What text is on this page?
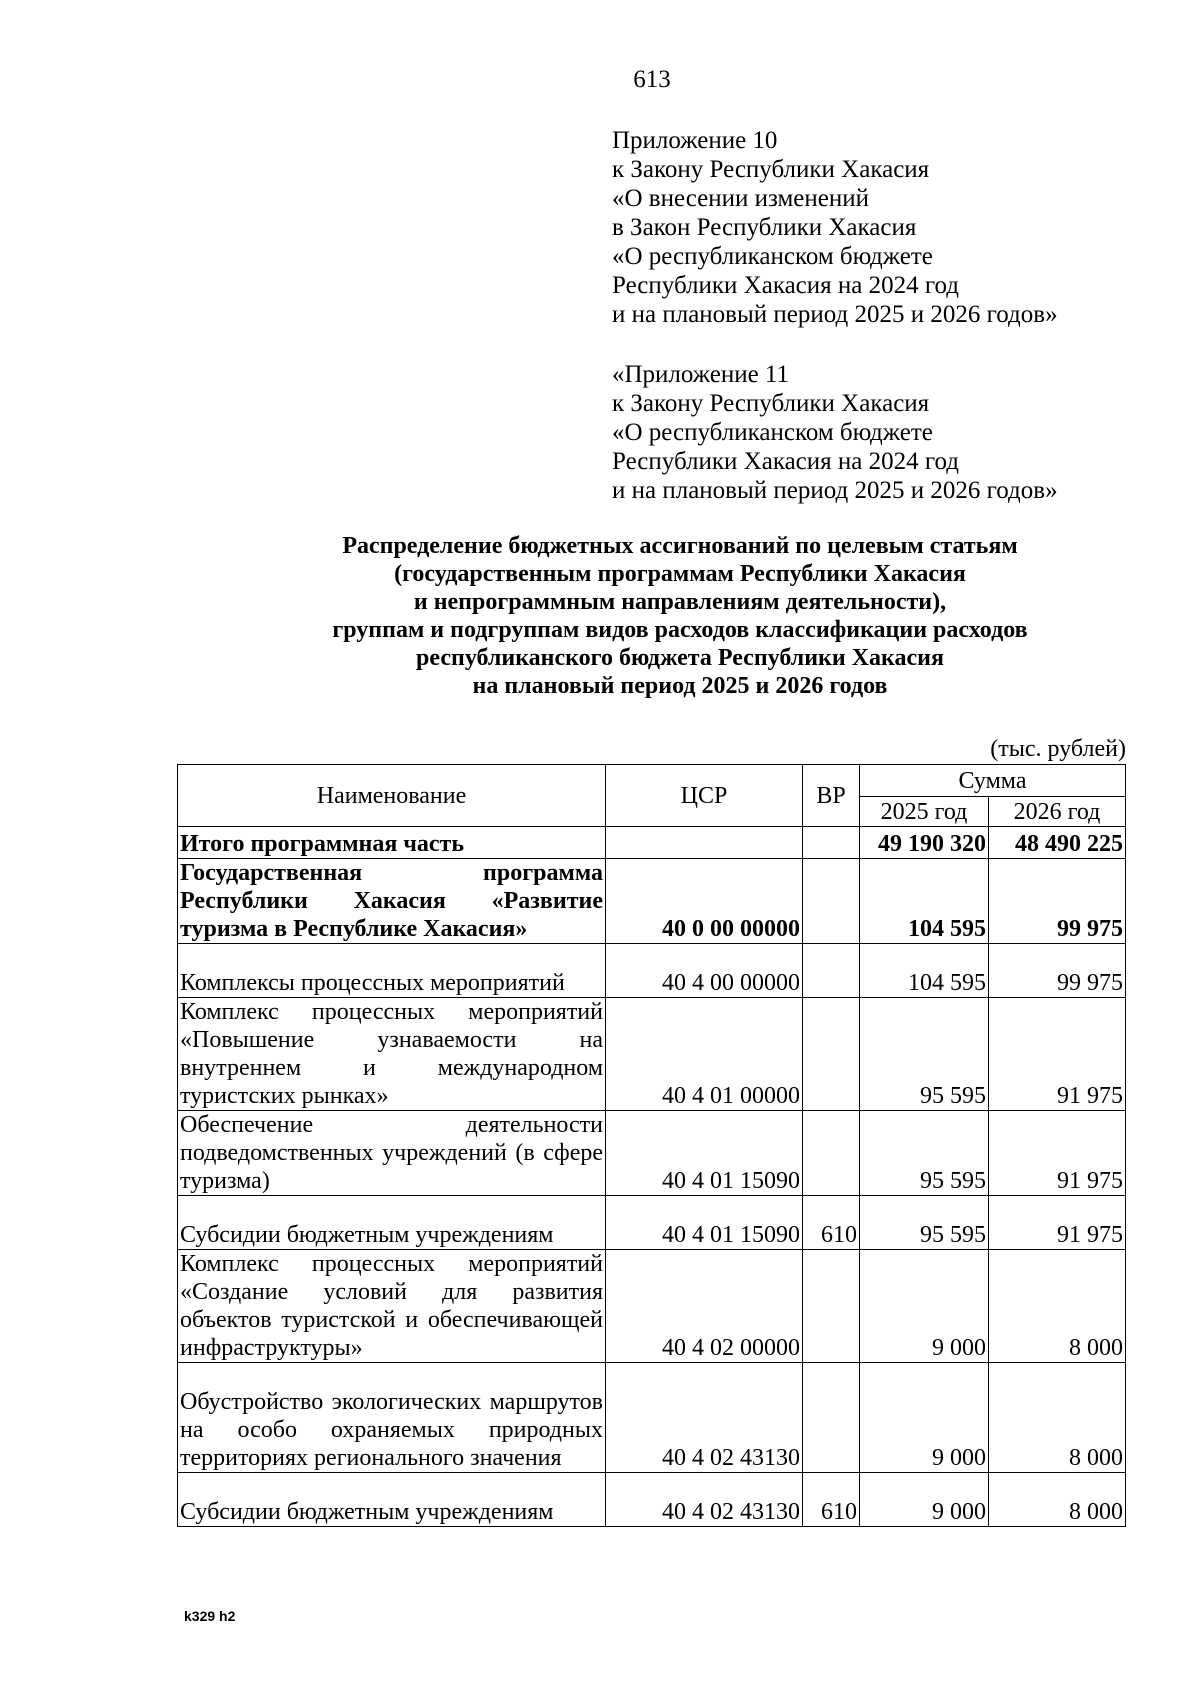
613
Приложение 10
к Закону Республики Хакасия
«О внесении изменений
в Закон Республики Хакасия
«О республиканском бюджете
Республики Хакасия на 2024 год
и на плановый период 2025 и 2026 годов»
«Приложение 11
к Закону Республики Хакасия
«О республиканском бюджете
Республики Хакасия на 2024 год
и на плановый период 2025 и 2026 годов»
Распределение бюджетных ассигнований по целевым статьям
(государственным программам Республики Хакасия
и непрограммным направлениям деятельности),
группам и подгруппам видов расходов классификации расходов
республиканского бюджета Республики Хакасия
на плановый период 2025 и 2026 годов
(тыс. рублей)
Наименование	ЦСР	ВР	Сумма	
			2025 год	2026 год
Итого программная часть			49 190 320	48 490 225
Государственная программа Республики Хакасия «Развитие туризма в Республике Хакасия»	40 0 00 00000		104 595	99 975
Комплексы процессных мероприятий	40 4 00 00000		104 595	99 975
Комплекс процессных мероприятий «Повышение узнаваемости на внутреннем и международном туристских рынках»	40 4 01 00000		95 595	91 975
Обеспечение деятельности подведомственных учреждений (в сфере туризма)	40 4 01 15090		95 595	91 975
Субсидии бюджетным учреждениям	40 4 01 15090	610	95 595	91 975
Комплекс процессных мероприятий «Создание условий для развития объектов туристской и обеспечивающей инфраструктуры»	40 4 02 00000		9 000	8 000
Обустройство экологических маршрутов на особо охраняемых природных территориях регионального значения	40 4 02 43130		9 000	8 000
Субсидии бюджетным учреждениям	40 4 02 43130	610	9 000	8 000
k329 h2
